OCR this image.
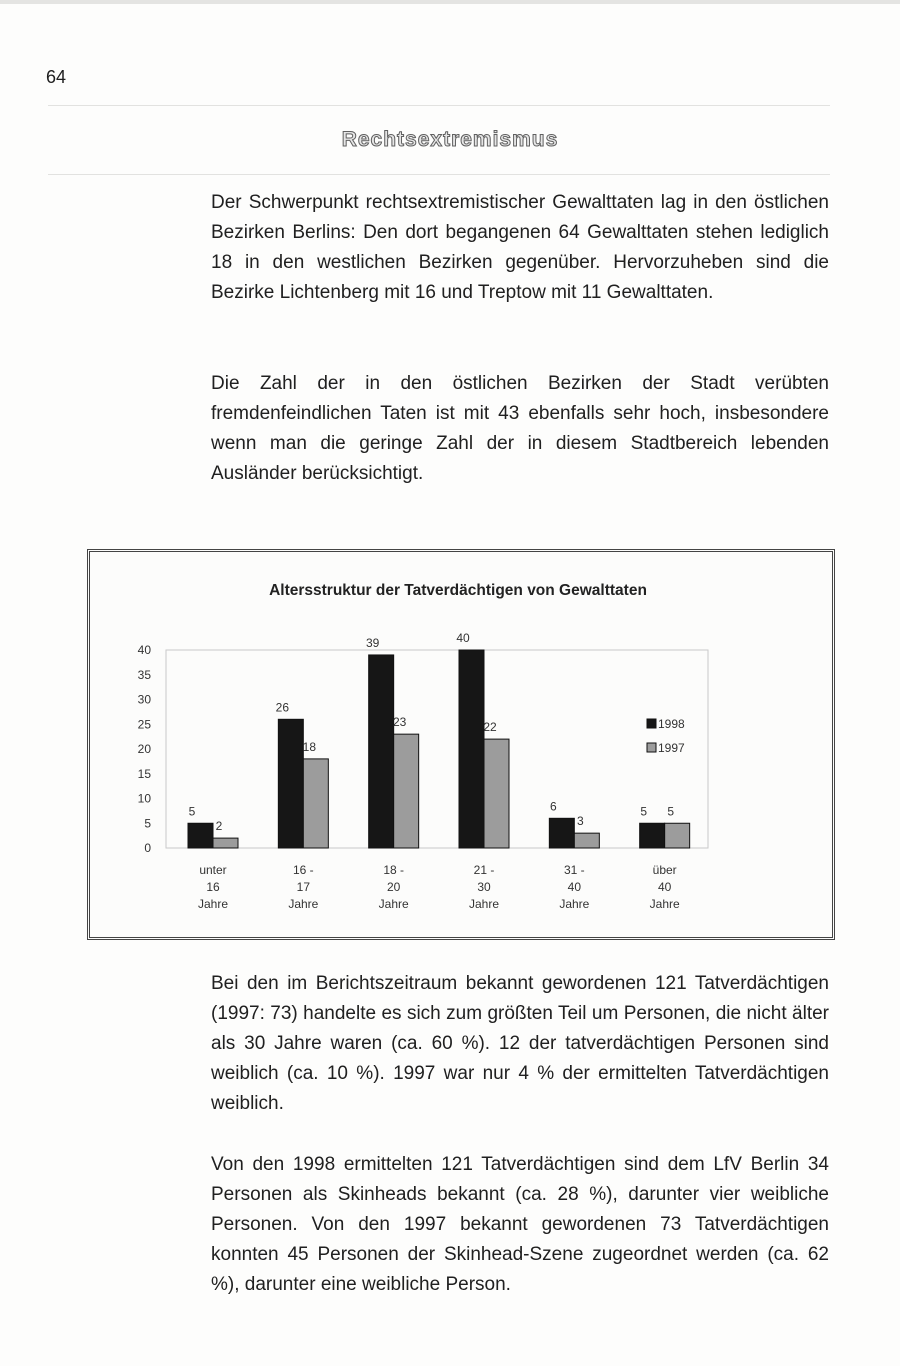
64
Rechtsextremismus

Der Schwerpunkt rechtsextremistischer Gewalttaten lag in den östlichen Bezirken Berlins: Den dort begangenen 64 Gewalttaten stehen lediglich 18 in den westlichen Bezirken gegenüber. Hervorzuheben sind die Bezirke Lichtenberg mit 16 und Treptow mit 11 Gewalttaten.

Die Zahl der in den östlichen Bezirken der Stadt verübten fremdenfeindlichen Taten ist mit 43 ebenfalls sehr hoch, insbesondere wenn man die geringe Zahl der in diesem Stadtbereich lebenden Ausländer berücksichtigt.

Altersstruktur der Tatverdächtigen von Gewalttaten
0
5
10
15
20
25
30
35
40
5
2
unter
16
Jahre
26
18
16 -
17
Jahre
39
23
18 -
20
Jahre
40
22
21 -
30
Jahre
6
3
31 -
40
Jahre
5 5
über
40
Jahre
1998
1997

Bei den im Berichtszeitraum bekannt gewordenen 121 Tatverdächtigen (1997: 73) handelte es sich zum größten Teil um Personen, die nicht älter als 30 Jahre waren (ca. 60 %). 12 der tatverdächtigen Personen sind weiblich (ca. 10 %). 1997 war nur 4 % der ermittelten Tatverdächtigen weiblich.

Von den 1998 ermittelten 121 Tatverdächtigen sind dem LfV Berlin 34 Personen als Skinheads bekannt (ca. 28 %), darunter vier weibliche Personen. Von den 1997 bekannt gewordenen 73 Tatverdächtigen konnten 45 Personen der Skinhead-Szene zugeordnet werden (ca. 62 %), darunter eine weibliche Person.
